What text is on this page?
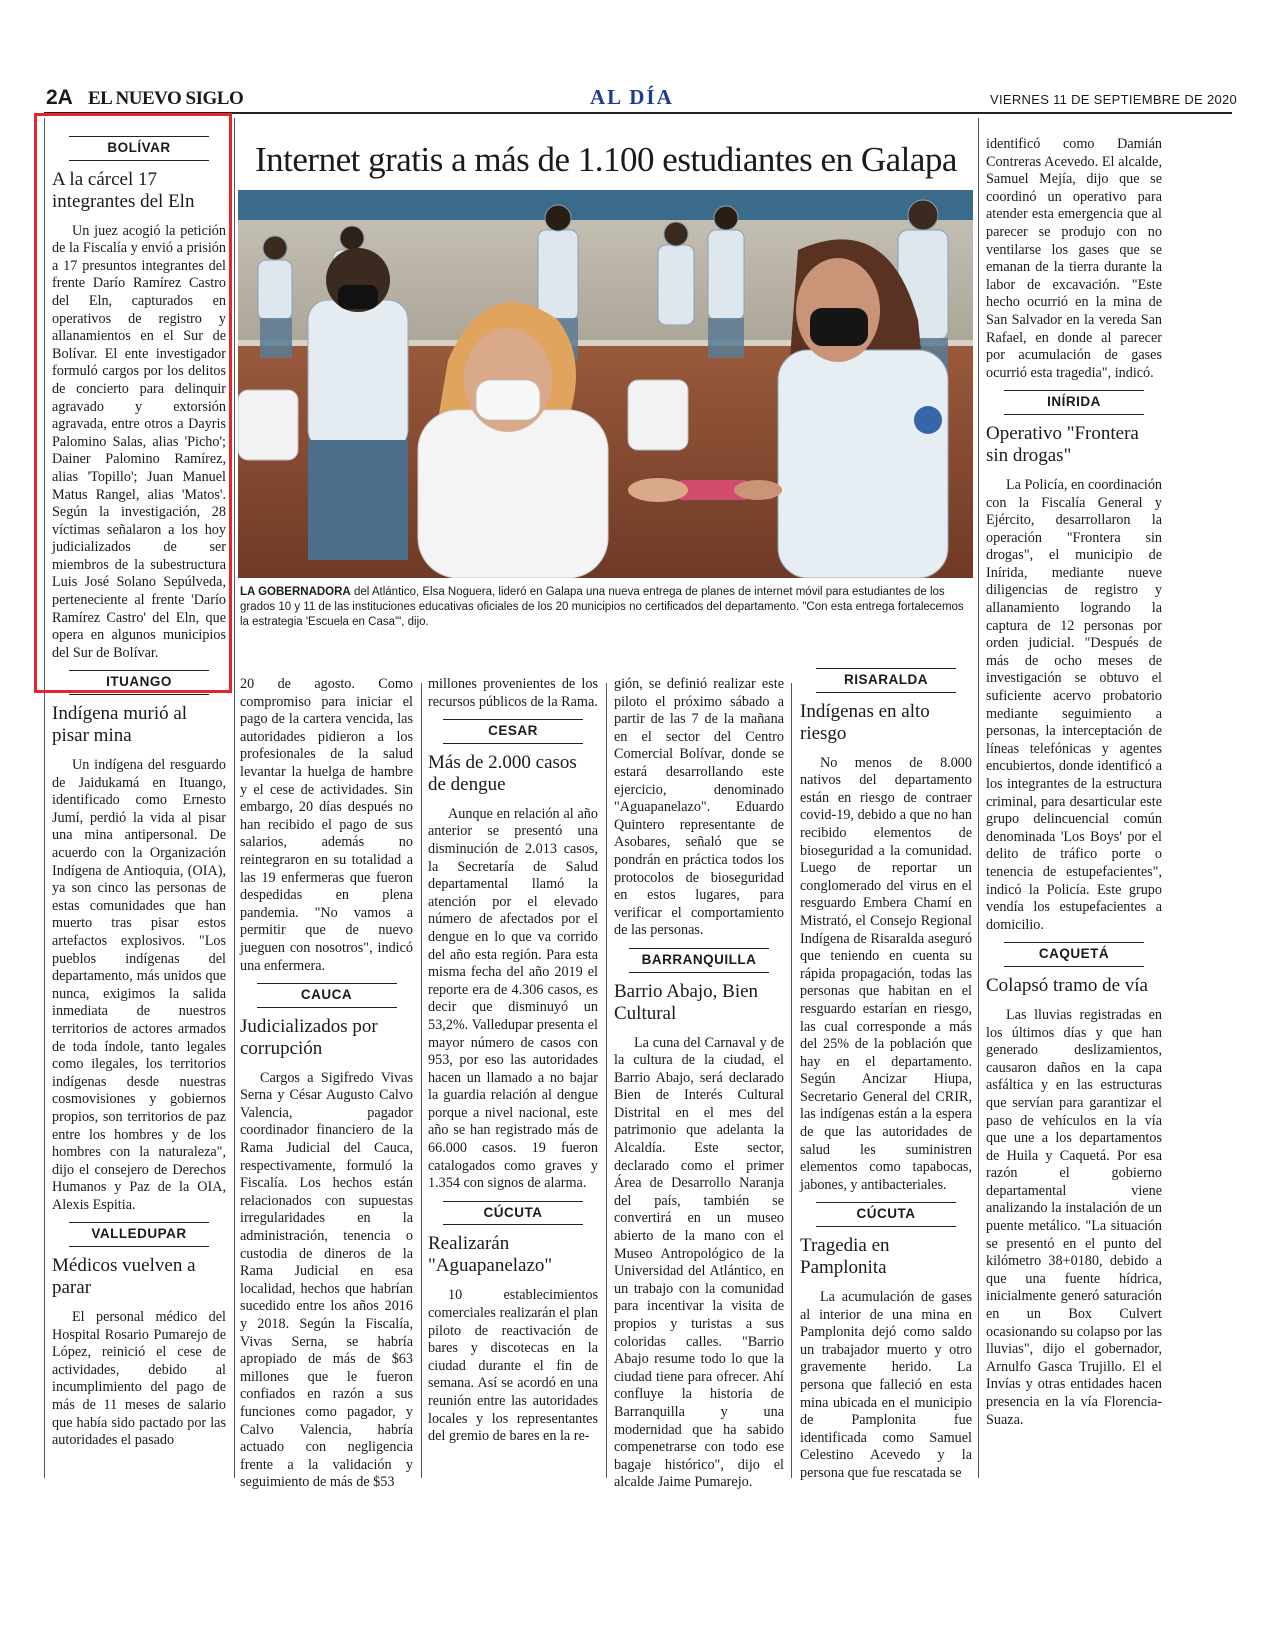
2A EL NUEVO SIGLO	AL DÍA	VIERNES 11 DE SEPTIEMBRE DE 2020
BOLÍVAR
A la cárcel 17 integrantes del Eln

Un juez acogió la petición de la Fiscalía y envió a prisión a 17 presuntos integrantes del frente Darío Ramírez Castro del Eln, capturados en operativos de registro y allanamientos en el Sur de Bolívar. El ente investigador formuló cargos por los delitos de concierto para delinquir agravado y extorsión agravada, entre otros a Dayris Palomino Salas, alias 'Picho'; Dainer Palomino Ramírez, alias 'Topillo'; Juan Manuel Matus Rangel, alias 'Matos'. Según la investigación, 28 víctimas señalaron a los hoy judicializados de ser miembros de la subestructura Luis José Solano Sepúlveda, perteneciente al frente 'Darío Ramírez Castro' del Eln, que opera en algunos municipios del Sur de Bolívar.

ITUANGO
Indígena murió al pisar mina

Un indígena del resguardo de Jaidukamá en Ituango, identificado como Ernesto Jumí, perdió la vida al pisar una mina antipersonal. De acuerdo con la Organización Indígena de Antioquia, (OIA), ya son cinco las personas de estas comunidades que han muerto tras pisar estos artefactos explosivos. "Los pueblos indígenas del departamento, más unidos que nunca, exigimos la salida inmediata de nuestros territorios de actores armados de toda índole, tanto legales como ilegales, los territorios indígenas desde nuestras cosmovisiones y gobiernos propios, son territorios de paz entre los hombres y de los hombres con la naturaleza", dijo el consejero de Derechos Humanos y Paz de la OIA, Alexis Espitia.

VALLEDUPAR
Médicos vuelven a parar

El personal médico del Hospital Rosario Pumarejo de López, reinició el cese de actividades, debido al incumplimiento del pago de más de 11 meses de salario que había sido pactado por las autoridades el pasado

Internet gratis a más de 1.100 estudiantes en Galapa
LA GOBERNADORA del Atlántico, Elsa Noguera, lideró en Galapa una nueva entrega de planes de internet móvil para estudiantes de los grados 10 y 11 de las instituciones educativas oficiales de los 20 municipios no certificados del departamento. "Con esta entrega fortalecemos la estrategia 'Escuela en Casa'", dijo.

20 de agosto. Como compromiso para iniciar el pago de la cartera vencida, las autoridades pidieron a los profesionales de la salud levantar la huelga de hambre y el cese de actividades. Sin embargo, 20 días después no han recibido el pago de sus salarios, además no reintegraron en su totalidad a las 19 enfermeras que fueron despedidas en plena pandemia. "No vamos a permitir que de nuevo jueguen con nosotros", indicó una enfermera.

CAUCA
Judicializados por corrupción

Cargos a Sigifredo Vivas Serna y César Augusto Calvo Valencia, pagador coordinador financiero de la Rama Judicial del Cauca, respectivamente, formuló la Fiscalía. Los hechos están relacionados con supuestas irregularidades en la administración, tenencia o custodia de dineros de la Rama Judicial en esa localidad, hechos que habrían sucedido entre los años 2016 y 2018. Según la Fiscalía, Vivas Serna, se habría apropiado de más de $63 millones que le fueron confiados en razón a sus funciones como pagador, y Calvo Valencia, habría actuado con negligencia frente a la validación y seguimiento de más de $53

millones provenientes de los recursos públicos de la Rama.

CESAR
Más de 2.000 casos de dengue

Aunque en relación al año anterior se presentó una disminución de 2.013 casos, la Secretaría de Salud departamental llamó la atención por el elevado número de afectados por el dengue en lo que va corrido del año esta región. Para esta misma fecha del año 2019 el reporte era de 4.306 casos, es decir que disminuyó un 53,2%. Valledupar presenta el mayor número de casos con 953, por eso las autoridades hacen un llamado a no bajar la guardia relación al dengue porque a nivel nacional, este año se han registrado más de 66.000 casos. 19 fueron catalogados como graves y 1.354 con signos de alarma.

CÚCUTA
Realizarán "Aguapanelazo"

10 establecimientos comerciales realizarán el plan piloto de reactivación de bares y discotecas en la ciudad durante el fin de semana. Así se acordó en una reunión entre las autoridades locales y los representantes del gremio de bares en la re-

gión, se definió realizar este piloto el próximo sábado a partir de las 7 de la mañana en el sector del Centro Comercial Bolívar, donde se estará desarrollando este ejercicio, denominado "Aguapanelazo". Eduardo Quintero representante de Asobares, señaló que se pondrán en práctica todos los protocolos de bioseguridad en estos lugares, para verificar el comportamiento de las personas.

BARRANQUILLA
Barrio Abajo, Bien Cultural

La cuna del Carnaval y de la cultura de la ciudad, el Barrio Abajo, será declarado Bien de Interés Cultural Distrital en el mes del patrimonio que adelanta la Alcaldía. Este sector, declarado como el primer Área de Desarrollo Naranja del país, también se convertirá en un museo abierto de la mano con el Museo Antropológico de la Universidad del Atlántico, en un trabajo con la comunidad para incentivar la visita de propios y turistas a sus coloridas calles. "Barrio Abajo resume todo lo que la ciudad tiene para ofrecer. Ahí confluye la historia de Barranquilla y una modernidad que ha sabido compenetrarse con todo ese bagaje histórico", dijo el alcalde Jaime Pumarejo.

RISARALDA
Indígenas en alto riesgo

No menos de 8.000 nativos del departamento están en riesgo de contraer covid-19, debido a que no han recibido elementos de bioseguridad a la comunidad. Luego de reportar un conglomerado del virus en el resguardo Embera Chamí en Mistrató, el Consejo Regional Indígena de Risaralda aseguró que teniendo en cuenta su rápida propagación, todas las personas que habitan en el resguardo estarían en riesgo, las cual corresponde a más del 25% de la población que hay en el departamento. Según Ancizar Hiupa, Secretario General del CRIR, las indígenas están a la espera de que las autoridades de salud les suministren elementos como tapabocas, jabones, y antibacteriales.

CÚCUTA
Tragedia en Pamplonita

La acumulación de gases al interior de una mina en Pamplonita dejó como saldo un trabajador muerto y otro gravemente herido. La persona que falleció en esta mina ubicada en el municipio de Pamplonita fue identificada como Samuel Celestino Acevedo y la persona que fue rescatada se

identificó como Damián Contreras Acevedo. El alcalde, Samuel Mejía, dijo que se coordinó un operativo para atender esta emergencia que al parecer se produjo con no ventilarse los gases que se emanan de la tierra durante la labor de excavación. "Este hecho ocurrió en la mina de San Salvador en la vereda San Rafael, en donde al parecer por acumulación de gases ocurrió esta tragedia", indicó.

INÍRIDA
Operativo "Frontera sin drogas"

La Policía, en coordinación con la Fiscalía General y Ejército, desarrollaron la operación "Frontera sin drogas", el municipio de Inírida, mediante nueve diligencias de registro y allanamiento logrando la captura de 12 personas por orden judicial. "Después de más de ocho meses de investigación se obtuvo el suficiente acervo probatorio mediante seguimiento a personas, la interceptación de líneas telefónicas y agentes encubiertos, donde identificó a los integrantes de la estructura criminal, para desarticular este grupo delincuencial común denominada 'Los Boys' por el delito de tráfico porte o tenencia de estupefacientes", indicó la Policía. Este grupo vendía los estupefacientes a domicilio.

CAQUETÁ
Colapsó tramo de vía

Las lluvias registradas en los últimos días y que han generado deslizamientos, causaron daños en la capa asfáltica y en las estructuras que servían para garantizar el paso de vehículos en la vía que une a los departamentos de Huila y Caquetá. Por esa razón el gobierno departamental viene analizando la instalación de un puente metálico. "La situación se presentó en el punto del kilómetro 38+0180, debido a que una fuente hídrica, inicialmente generó saturación en un Box Culvert ocasionando su colapso por las lluvias", dijo el gobernador, Arnulfo Gasca Trujillo. El el Invías y otras entidades hacen presencia en la vía Florencia-Suaza.
